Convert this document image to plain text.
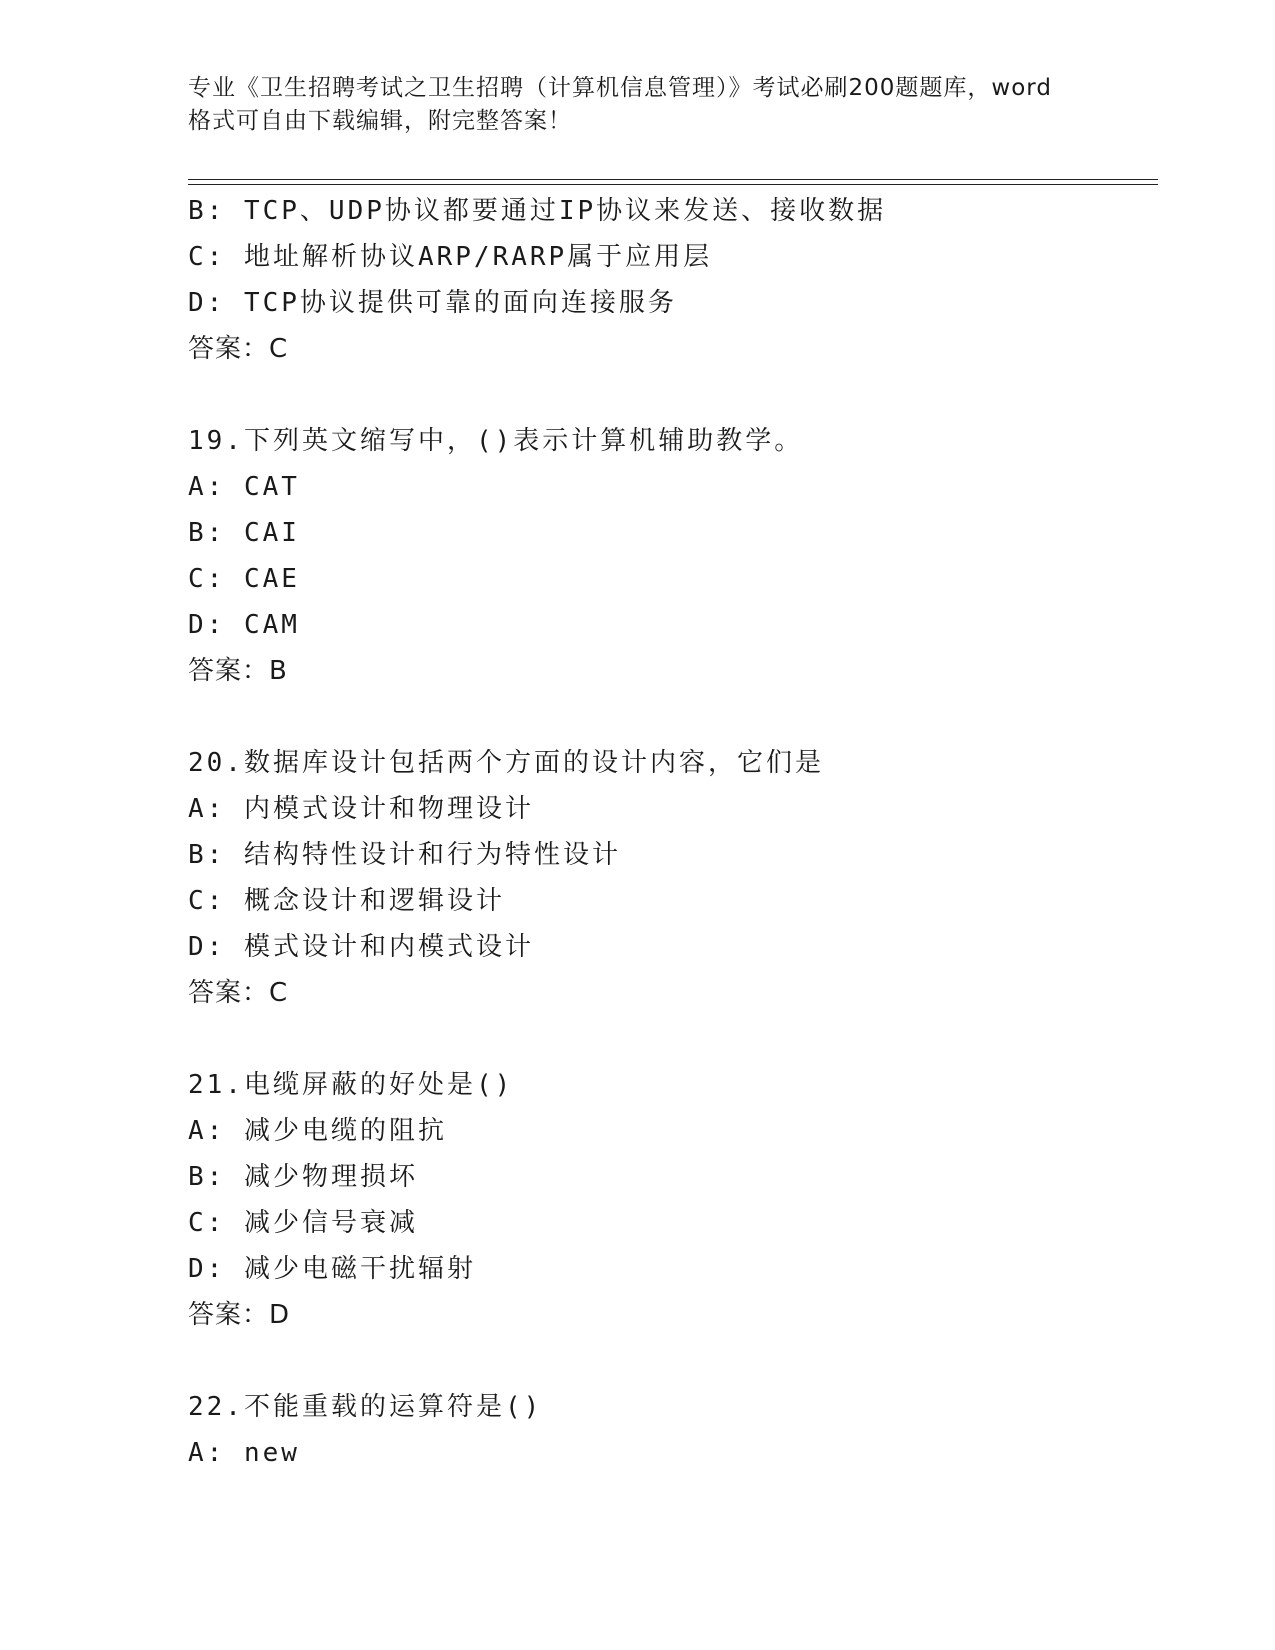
专业《卫生招聘考试之卫生招聘（计算机信息管理）》考试必刷200题题库，word
格式可自由下载编辑，附完整答案！
B: TCP、UDP协议都要通过IP协议来发送、接收数据
C: 地址解析协议ARP/RARP属于应用层
D: TCP协议提供可靠的面向连接服务
答案：C
19.下列英文缩写中，()表示计算机辅助教学。
A: CAT
B: CAI
C: CAE
D: CAM
答案：B
20.数据库设计包括两个方面的设计内容，它们是
A: 内模式设计和物理设计
B: 结构特性设计和行为特性设计
C: 概念设计和逻辑设计
D: 模式设计和内模式设计
答案：C
21.电缆屏蔽的好处是()
A: 减少电缆的阻抗
B: 减少物理损坏
C: 减少信号衰减
D: 减少电磁干扰辐射
答案：D
22.不能重载的运算符是()
A: new
